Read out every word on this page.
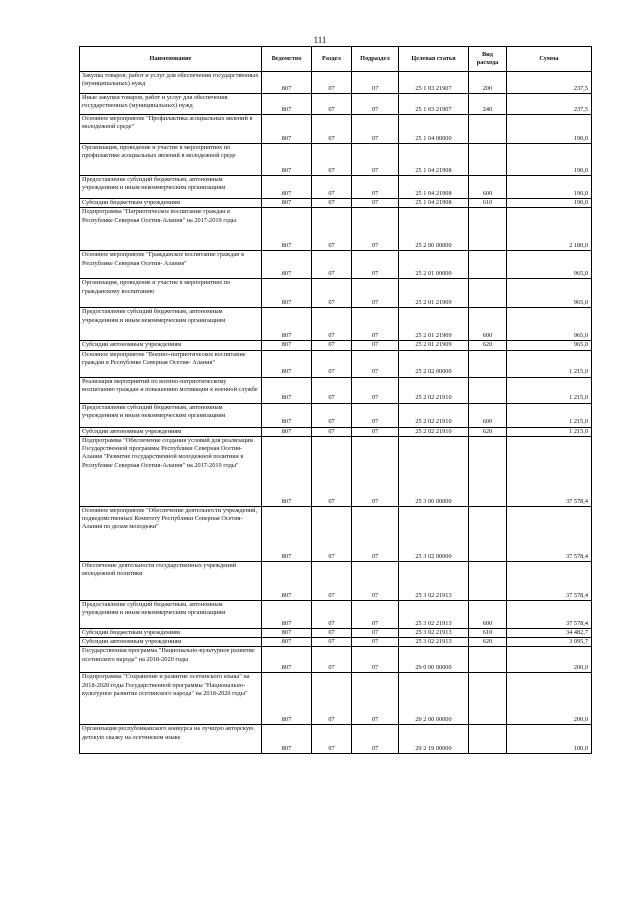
111
Наименование	Ведомство	Раздел	Подраздел	Целевая статья	Вид расхода	Сумма
Закупка товаров, работ и услуг для обеспечения государственных (муниципальных) нужд	807	07	07	25 1 03 21907	200	237,5
Иные закупки товаров, работ и услуг для обеспечения государственных (муниципальных) нужд	807	07	07	25 1 03 21907	240	237,5
Основное мероприятие "Профилактика асоциальных явлений в молодежной среде"	807	07	07	25 1 04 00000		190,0
Организация, проведение и участие в мероприятиях по профилактике асоциальных явлений в молодежной среде	807	07	07	25 1 04 21908		190,0
Предоставление субсидий бюджетным, автономным учреждениям и иным некоммерческим организациям	807	07	07	25 1 04 21908	600	190,0
Субсидии бюджетным учреждениям	807	07	07	25 1 04 21908	610	190,0
Подпрограмма "Патриотическое воспитание граждан в Республике Северная Осетия-Алания" на 2017-2019 годы	807	07	07	25 2 00 00000		2 180,0
Основное мероприятие "Гражданское воспитание граждан в Республике Северная Осетия- Алания"	807	07	07	25 2 01 00000		965,0
Организация, проведение и участие в мероприятиях по гражданскому воспитанию	807	07	07	25 2 01 21909		965,0
Предоставление субсидий бюджетным, автономным учреждениям и иным некоммерческим организациям	807	07	07	25 2 01 21909	600	965,0
Субсидии автономным учреждениям	807	07	07	25 2 01 21909	620	965,0
Основное мероприятие "Военно-патриотическое воспитание граждан в Республике Северная Осетия- Алания"	807	07	07	25 2 02 00000		1 215,0
Реализация мероприятий по военно-патриотическому воспитанию граждан и повышению мотивации к военной службе	807	07	07	25 2 02 21910		1 215,0
Предоставление субсидий бюджетным, автономным учреждениям и иным некоммерческим организациям	807	07	07	25 2 02 21910	600	1 215,0
Субсидии автономным учреждениям	807	07	07	25 2 02 21910	620	1 215,0
Подпрограмма "Обеспечение создания условий для реализации Государственной программы Республики Северная Осетия-Алания "Развитие государственной молодежной политики в Республике Северная Осетия-Алания" на 2017-2019 годы"	807	07	07	25 3 00 00000		37 578,4
Основное мероприятие "Обеспечение деятельности учреждений, подведомственных Комитету Республики Северная Осетия-Алания по делам молодежи"	807	07	07	25 3 02 00000		37 578,4
Обеспечение деятельности государственных учреждений молодежной политики	807	07	07	25 3 02 21913		37 578,4
Предоставление субсидий бюджетным, автономным учреждениям и иным некоммерческим организациям	807	07	07	25 3 02 21913	600	37 578,4
Субсидии бюджетным учреждениям	807	07	07	25 3 02 21913	610	34 482,7
Субсидии автономным учреждениям	807	07	07	25 3 02 21913	620	3 095,7
Государственная программа "Национально-культурное развитие осетинского народа" на 2018-2020 годы	807	07	07	29 0 00 00000		200,0
Подпрограмма "Сохранение и развитие осетинского языка" на 2018-2020 годы Государственной программы "Национально-культурное развитие осетинского народа" на 2018-2020 годы"	807	07	07	29 2 00 00000		200,0
Организация республиканского конкурса на лучшую авторскую детскую сказку на осетинском языке	807	07	07	29 2 19 00000		100,0
